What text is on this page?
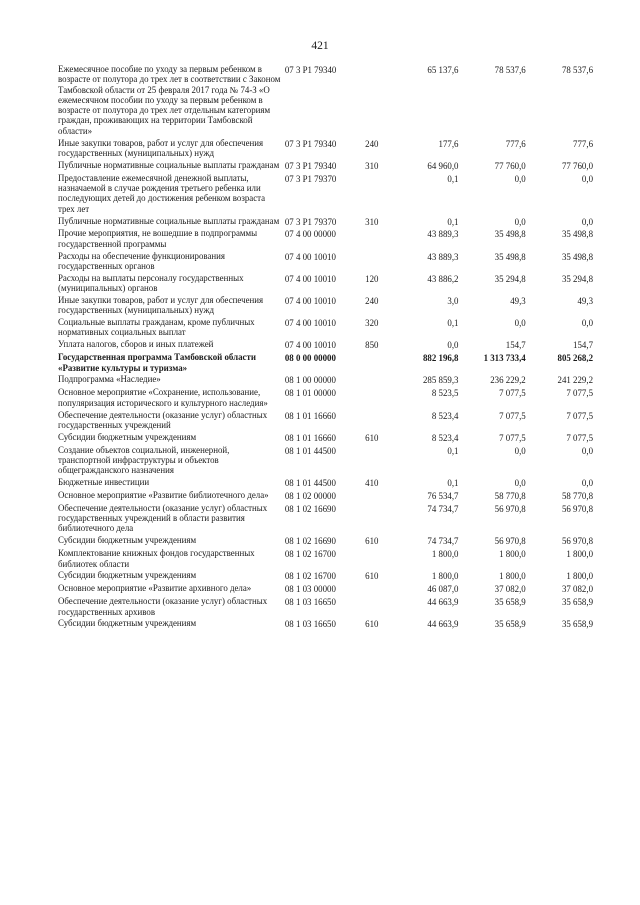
421
Ежемесячное пособие по уходу за первым ребенком в возрасте от полутора до трех лет в соответствии с Законом Тамбовской области от 25 февраля 2017 года № 74-З «О ежемесячном пособии по уходу за первым ребенком в возрасте от полутора до трех лет отдельным категориям граждан, проживающих на территории Тамбовской области»	07 3 P1 79340		65 137,6	78 537,6	78 537,6
Иные закупки товаров, работ и услуг для обеспечения государственных (муниципальных) нужд	07 3 P1 79340	240	177,6	777,6	777,6
Публичные нормативные социальные выплаты гражданам	07 3 P1 79340	310	64 960,0	77 760,0	77 760,0
Предоставление ежемесячной денежной выплаты, назначаемой в случае рождения третьего ребенка или последующих детей до достижения ребенком возраста трех лет	07 3 P1 79370		0,1	0,0	0,0
Публичные нормативные социальные выплаты гражданам	07 3 P1 79370	310	0,1	0,0	0,0
Прочие мероприятия, не вошедшие в подпрограммы государственной программы	07 4 00 00000		43 889,3	35 498,8	35 498,8
Расходы на обеспечение функционирования государственных органов	07 4 00 10010		43 889,3	35 498,8	35 498,8
Расходы на выплаты персоналу государственных (муниципальных) органов	07 4 00 10010	120	43 886,2	35 294,8	35 294,8
Иные закупки товаров, работ и услуг для обеспечения государственных (муниципальных) нужд	07 4 00 10010	240	3,0	49,3	49,3
Социальные выплаты гражданам, кроме публичных нормативных социальных выплат	07 4 00 10010	320	0,1	0,0	0,0
Уплата налогов, сборов и иных платежей	07 4 00 10010	850	0,0	154,7	154,7
Государственная программа Тамбовской области «Развитие культуры и туризма»	08 0 00 00000		882 196,8	1 313 733,4	805 268,2
Подпрограмма «Наследие»	08 1 00 00000		285 859,3	236 229,2	241 229,2
Основное мероприятие «Сохранение, использование, популяризация исторического и культурного наследия»	08 1 01 00000		8 523,5	7 077,5	7 077,5
Обеспечение деятельности (оказание услуг) областных государственных учреждений	08 1 01 16660		8 523,4	7 077,5	7 077,5
Субсидии бюджетным учреждениям	08 1 01 16660	610	8 523,4	7 077,5	7 077,5
Создание объектов социальной, инженерной, транспортной инфраструктуры и объектов общегражданского назначения	08 1 01 44500		0,1	0,0	0,0
Бюджетные инвестиции	08 1 01 44500	410	0,1	0,0	0,0
Основное мероприятие «Развитие библиотечного дела»	08 1 02 00000		76 534,7	58 770,8	58 770,8
Обеспечение деятельности (оказание услуг) областных государственных учреждений в области развития библиотечного дела	08 1 02 16690		74 734,7	56 970,8	56 970,8
Субсидии бюджетным учреждениям	08 1 02 16690	610	74 734,7	56 970,8	56 970,8
Комплектование книжных фондов государственных библиотек области	08 1 02 16700		1 800,0	1 800,0	1 800,0
Субсидии бюджетным учреждениям	08 1 02 16700	610	1 800,0	1 800,0	1 800,0
Основное мероприятие «Развитие архивного дела»	08 1 03 00000		46 087,0	37 082,0	37 082,0
Обеспечение деятельности (оказание услуг) областных государственных архивов	08 1 03 16650		44 663,9	35 658,9	35 658,9
Субсидии бюджетным учреждениям	08 1 03 16650	610	44 663,9	35 658,9	35 658,9
